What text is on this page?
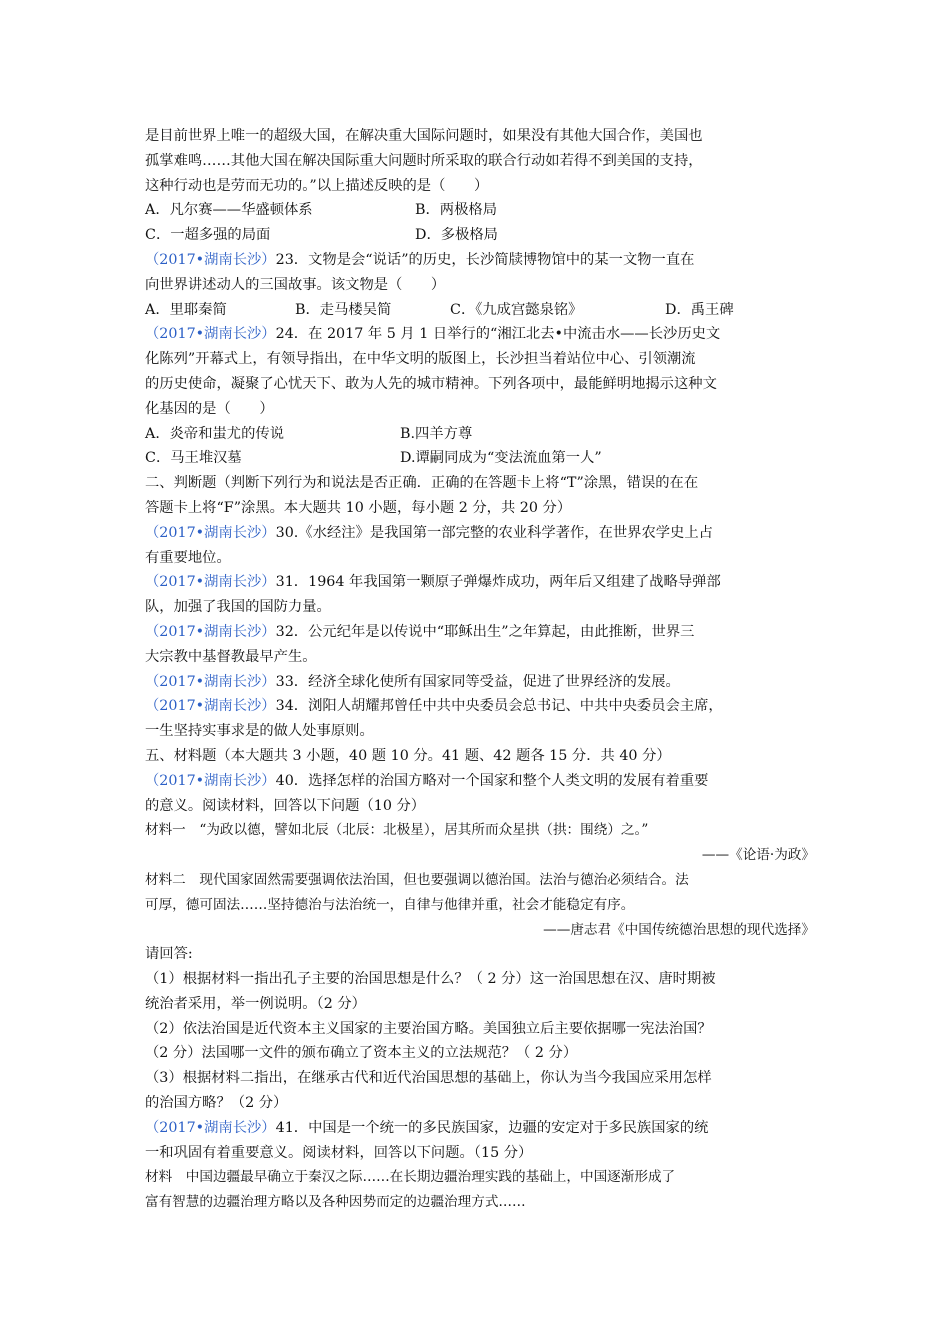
是目前世界上唯一的超级大国，在解决重大国际问题时，如果没有其他大国合作，美国也
孤掌难鸣……其他大国在解决国际重大问题时所采取的联合行动如若得不到美国的支持，
这种行动也是劳而无功的。”以上描述反映的是（　　）
A．凡尔赛——华盛顿体系	B．两极格局
C．一超多强的局面	D．多极格局
（2017•湖南长沙）23．文物是会“说话”的历史，长沙简牍博物馆中的某一文物一直在
向世界讲述动人的三国故事。该文物是（　　）
A．里耶秦简	B．走马楼吴简	C．《九成宫懿泉铭》	D．禹王碑
（2017•湖南长沙）24．在 2017 年 5 月 1 日举行的“湘江北去•中流击水——长沙历史文
化陈列”开幕式上，有领导指出，在中华文明的版图上，长沙担当着站位中心、引领潮流
的历史使命，凝聚了心忧天下、敢为人先的城市精神。下列各项中，最能鲜明地揭示这种文
化基因的是（　　）
A．炎帝和蚩尤的传说	B.四羊方尊
C．马王堆汉墓	D.谭嗣同成为“变法流血第一人”
二、判断题（判断下列行为和说法是否正确．正确的在答题卡上将“T”涂黑，错误的在在
答题卡上将“F”涂黑。本大题共 10 小题，每小题 2 分，共 20 分）
（2017•湖南长沙）30.《水经注》是我国第一部完整的农业科学著作，在世界农学史上占
有重要地位。
（2017•湖南长沙）31．1964 年我国第一颗原子弹爆炸成功，两年后又组建了战略导弹部
队，加强了我国的国防力量。
（2017•湖南长沙）32．公元纪年是以传说中“耶稣出生”之年算起，由此推断，世界三
大宗教中基督教最早产生。
（2017•湖南长沙）33．经济全球化使所有国家同等受益，促进了世界经济的发展。
（2017•湖南长沙）34．浏阳人胡耀邦曾任中共中央委员会总书记、中共中央委员会主席，
一生坚持实事求是的做人处事原则。
五、材料题（本大题共 3 小题，40 题 10 分。41 题、42 题各 15 分．共 40 分）
（2017•湖南长沙）40．选择怎样的治国方略对一个国家和整个人类文明的发展有着重要
的意义。阅读材料，回答以下问题（10 分）
材料一　“为政以德，譬如北辰（北辰：北极星），居其所而众星拱（拱：围绕）之。”
——《论语·为政》
材料二　现代国家固然需要强调依法治国，但也要强调以德治国。法治与德治必须结合。法
可厚，德可固法……坚持德治与法治统一，自律与他律并重，社会才能稳定有序。
——唐志君《中国传统德治思想的现代选择》
请回答:
（1）根据材料一指出孔子主要的治国思想是什么？（ 2 分）这一治国思想在汉、唐时期被
统治者采用，举一例说明。（2 分）
（2）依法治国是近代资本主义国家的主要治国方略。美国独立后主要依据哪一宪法治国？
（2 分）法国哪一文件的颁布确立了资本主义的立法规范？（ 2 分）
（3）根据材料二指出，在继承古代和近代治国思想的基础上，你认为当今我国应采用怎样
的治国方略？（2 分）
（2017•湖南长沙）41．中国是一个统一的多民族国家，边疆的安定对于多民族国家的统
一和巩固有着重要意义。阅读材料，回答以下问题。（15 分）
材料　中国边疆最早确立于秦汉之际……在长期边疆治理实践的基础上，中国逐渐形成了
富有智慧的边疆治理方略以及各种因势而定的边疆治理方式……
